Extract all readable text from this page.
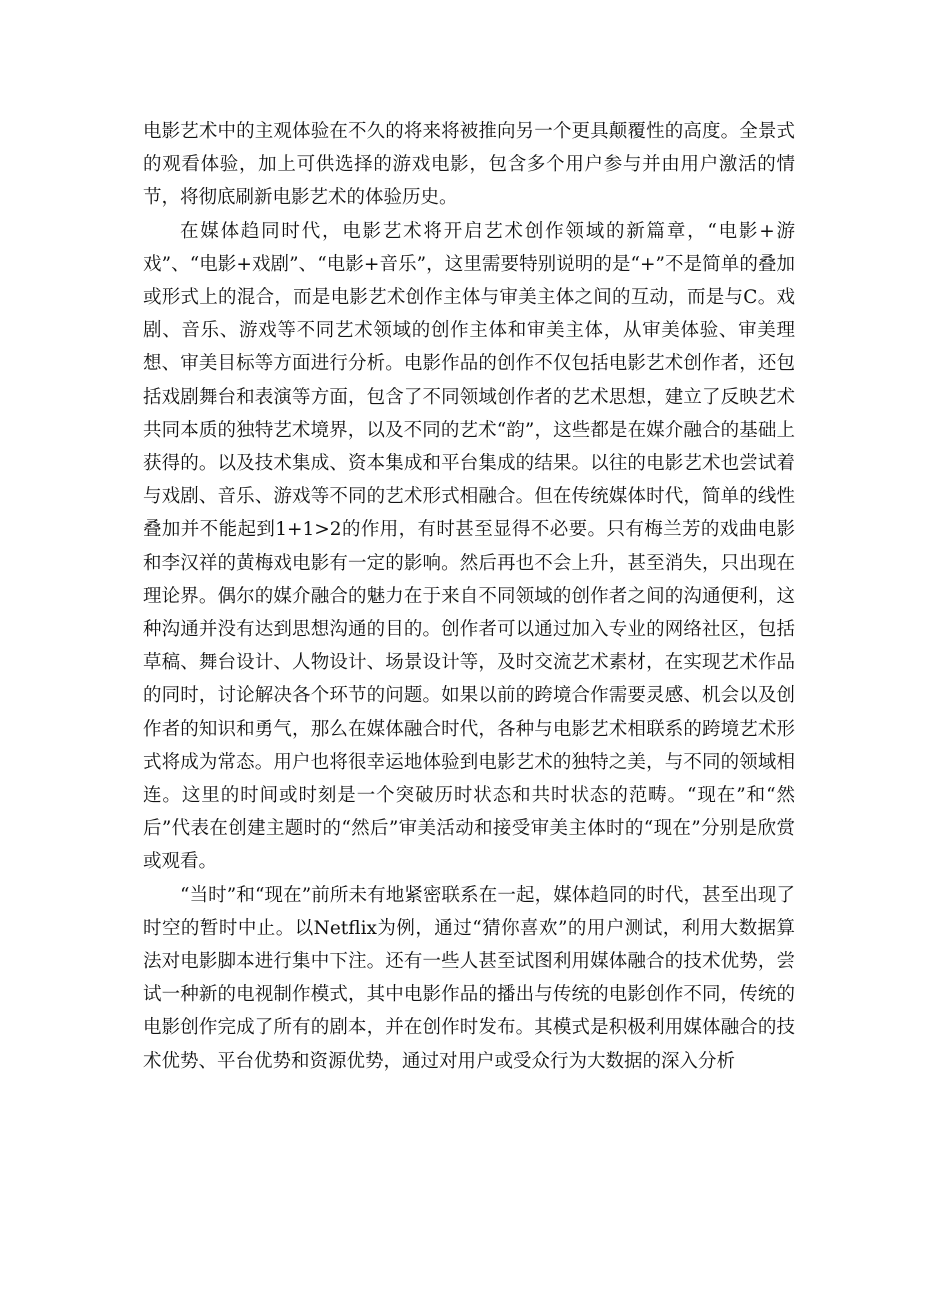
电影艺术中的主观体验在不久的将来将被推向另一个更具颠覆性的高度。全景式的观看体验，加上可供选择的游戏电影，包含多个用户参与并由用户激活的情节，将彻底刷新电影艺术的体验历史。

在媒体趋同时代，电影艺术将开启艺术创作领域的新篇章，“电影+游戏”、“电影+戏剧”、“电影+音乐”，这里需要特别说明的是“+”不是简单的叠加或形式上的混合，而是电影艺术创作主体与审美主体之间的互动，而是与C。戏剧、音乐、游戏等不同艺术领域的创作主体和审美主体，从审美体验、审美理想、审美目标等方面进行分析。电影作品的创作不仅包括电影艺术创作者，还包括戏剧舞台和表演等方面，包含了不同领域创作者的艺术思想，建立了反映艺术共同本质的独特艺术境界，以及不同的艺术“韵”，这些都是在媒介融合的基础上获得的。以及技术集成、资本集成和平台集成的结果。以往的电影艺术也尝试着与戏剧、音乐、游戏等不同的艺术形式相融合。但在传统媒体时代，简单的线性叠加并不能起到1+1>2的作用，有时甚至显得不必要。只有梅兰芳的戏曲电影和李汉祥的黄梅戏电影有一定的影响。然后再也不会上升，甚至消失，只出现在理论界。偶尔的媒介融合的魅力在于来自不同领域的创作者之间的沟通便利，这种沟通并没有达到思想沟通的目的。创作者可以通过加入专业的网络社区，包括草稿、舞台设计、人物设计、场景设计等，及时交流艺术素材，在实现艺术作品的同时，讨论解决各个环节的问题。如果以前的跨境合作需要灵感、机会以及创作者的知识和勇气，那么在媒体融合时代，各种与电影艺术相联系的跨境艺术形式将成为常态。用户也将很幸运地体验到电影艺术的独特之美，与不同的领域相连。这里的时间或时刻是一个突破历时状态和共时状态的范畴。“现在”和“然后”代表在创建主题时的“然后”审美活动和接受审美主体时的“现在”分别是欣赏或观看。

“当时”和“现在”前所未有地紧密联系在一起，媒体趋同的时代，甚至出现了时空的暂时中止。以Netflix为例，通过“猜你喜欢”的用户测试，利用大数据算法对电影脚本进行集中下注。还有一些人甚至试图利用媒体融合的技术优势，尝试一种新的电视制作模式，其中电影作品的播出与传统的电影创作不同，传统的电影创作完成了所有的剧本，并在创作时发布。其模式是积极利用媒体融合的技术优势、平台优势和资源优势，通过对用户或受众行为大数据的深入分析
